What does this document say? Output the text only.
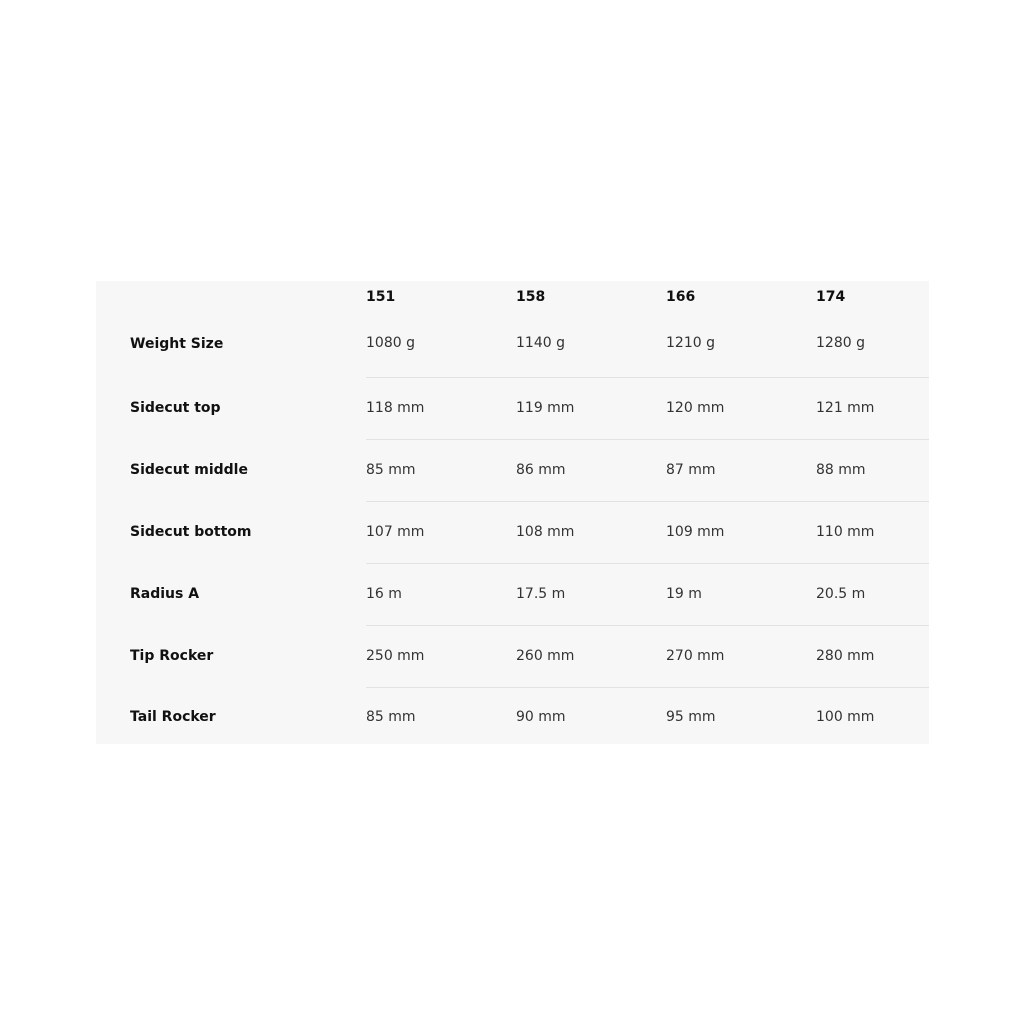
	151	158	166	174
Weight Size	1080 g	1140 g	1210 g	1280 g
Sidecut top	118 mm	119 mm	120 mm	121 mm
Sidecut middle	85 mm	86 mm	87 mm	88 mm
Sidecut bottom	107 mm	108 mm	109 mm	110 mm
Radius A	16 m	17.5 m	19 m	20.5 m
Tip Rocker	250 mm	260 mm	270 mm	280 mm
Tail Rocker	85 mm	90 mm	95 mm	100 mm
